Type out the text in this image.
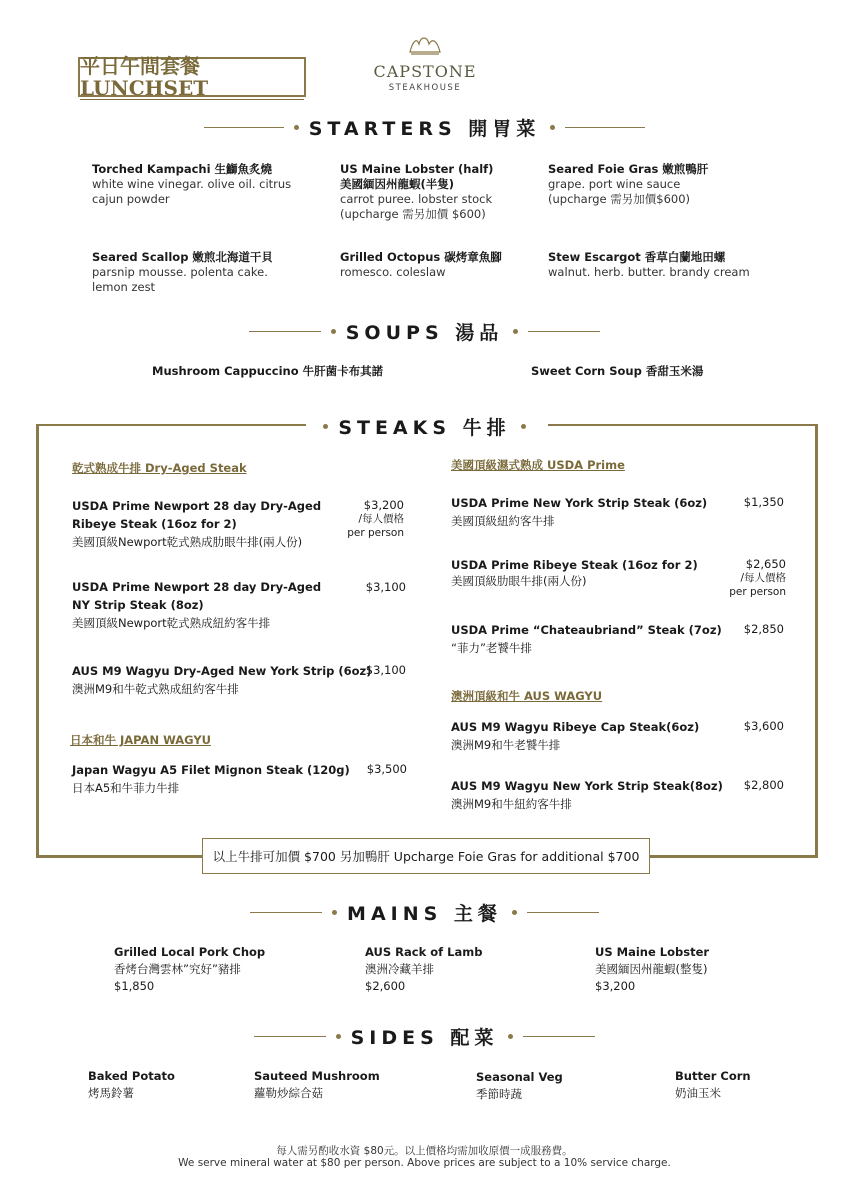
平日午間套餐LUNCHSET
CAPSTONE
STEAKHOUSE
STARTERS 開胃菜
Torched Kampachi 生鰤魚炙燒
white wine vinegar. olive oil. citrus
cajun powder
US Maine Lobster (half)
美國緬因州龍蝦(半隻)
carrot puree. lobster stock
(upcharge 需另加價 $600)
Seared Foie Gras 嫩煎鴨肝
grape. port wine sauce
(upcharge 需另加價$600)
Seared Scallop 嫩煎北海道干貝
parsnip mousse. polenta cake.
lemon zest
Grilled Octopus 碳烤章魚腳
romesco. coleslaw
Stew Escargot 香草白蘭地田螺
walnut. herb. butter. brandy cream
SOUPS 湯品
Mushroom Cappuccino 牛肝菌卡布其諾	Sweet Corn Soup 香甜玉米湯
STEAKS 牛排
乾式熟成牛排 Dry-Aged Steak
USDA Prime Newport 28 day Dry-Aged
Ribeye Steak (16oz for 2)
美國頂級Newport乾式熟成肋眼牛排(兩人份)
$3,200
/每人價格
per person
USDA Prime Newport 28 day Dry-Aged
NY Strip Steak (8oz)
美國頂級Newport乾式熟成紐約客牛排
$3,100
AUS M9 Wagyu Dry-Aged New York Strip (6oz)
澳洲M9和牛乾式熟成紐約客牛排
$3,100
日本和牛 JAPAN WAGYU
Japan Wagyu A5 Filet Mignon Steak (120g)
日本A5和牛菲力牛排
$3,500
美國頂級濕式熟成 USDA Prime
USDA Prime New York Strip Steak (6oz)
美國頂級紐約客牛排
$1,350
USDA Prime Ribeye Steak (16oz for 2)
美國頂級肋眼牛排(兩人份)
$2,650
/每人價格
per person
USDA Prime “Chateaubriand” Steak (7oz)
“菲力”老饕牛排
$2,850
澳洲頂級和牛 AUS WAGYU
AUS M9 Wagyu Ribeye Cap Steak(6oz)
澳洲M9和牛老饕牛排
$3,600
AUS M9 Wagyu New York Strip Steak(8oz)
澳洲M9和牛紐約客牛排
$2,800
以上牛排可加價 $700 另加鴨肝 Upcharge Foie Gras for additional $700
MAINS 主餐
Grilled Local Pork Chop
香烤台灣雲林”究好”豬排
$1,850
AUS Rack of Lamb
澳洲冷藏羊排
$2,600
US Maine Lobster
美國緬因州龍蝦(整隻)
$3,200
SIDES 配菜
Baked Potato
烤馬鈴薯
Sauteed Mushroom
蘿勒炒綜合菇
Seasonal Veg
季節時蔬
Butter Corn
奶油玉米
每人需另酌收水資 $80元。以上價格均需加收原價一成服務費。
We serve mineral water at $80 per person. Above prices are subject to a 10% service charge.
